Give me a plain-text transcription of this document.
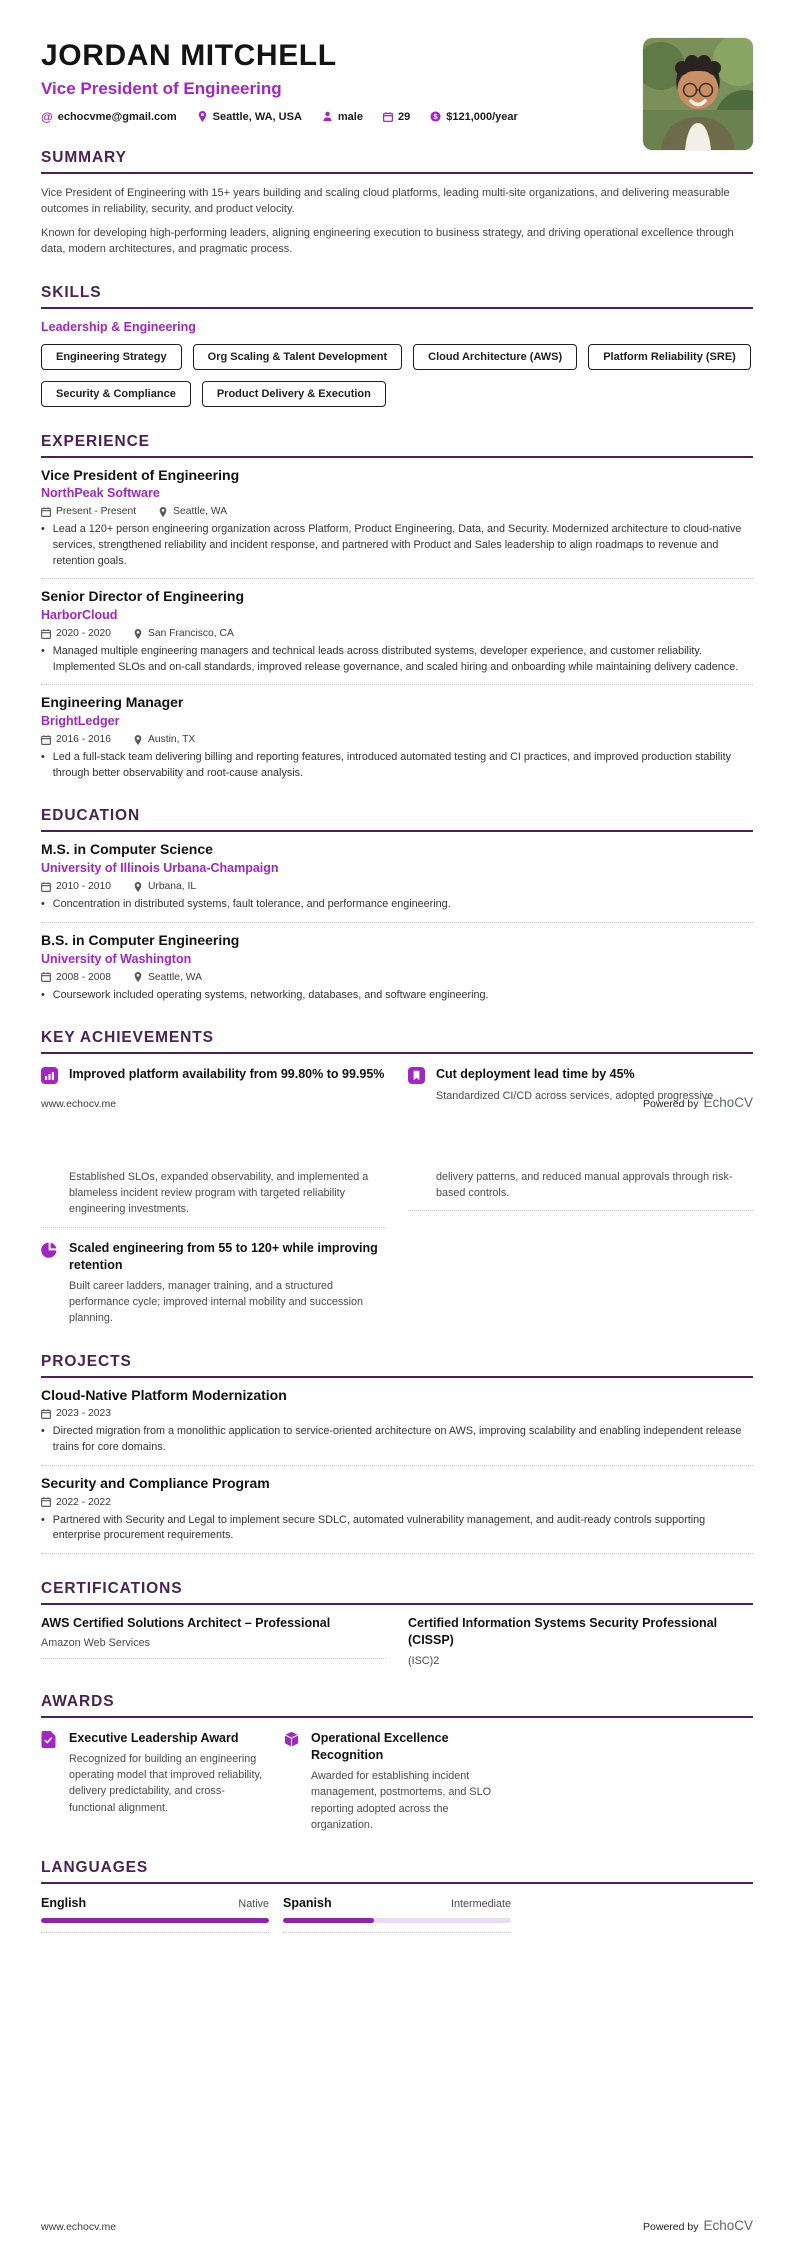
JORDAN MITCHELL
Vice President of Engineering
@ echocvme@gmail.com	Seattle, WA, USA	male	29	$ $121,000/year
SUMMARY

Vice President of Engineering with 15+ years building and scaling cloud platforms, leading multi-site organizations, and delivering measurable outcomes in reliability, security, and product velocity.

Known for developing high-performing leaders, aligning engineering execution to business strategy, and driving operational excellence through data, modern architectures, and pragmatic process.

SKILLS
Leadership & Engineering
Engineering Strategy	Org Scaling & Talent Development	Cloud Architecture (AWS)	Platform Reliability (SRE)
Security & Compliance	Product Delivery & Execution
EXPERIENCE
Vice President of Engineering
NorthPeak Software
Present - Present	Seattle, WA
• Lead a 120+ person engineering organization across Platform, Product Engineering, Data, and Security. Modernized architecture to cloud-native services, strengthened reliability and incident response, and partnered with Product and Sales leadership to align roadmaps to revenue and retention goals.
Senior Director of Engineering
HarborCloud
2020 - 2020	San Francisco, CA
• Managed multiple engineering managers and technical leads across distributed systems, developer experience, and customer reliability. Implemented SLOs and on-call standards, improved release governance, and scaled hiring and onboarding while maintaining delivery cadence.
Engineering Manager
BrightLedger
2016 - 2016	Austin, TX
• Led a full-stack team delivering billing and reporting features, introduced automated testing and CI practices, and improved production stability through better observability and root-cause analysis.
EDUCATION
M.S. in Computer Science
University of Illinois Urbana-Champaign
2010 - 2010	Urbana, IL
• Concentration in distributed systems, fault tolerance, and performance engineering.
B.S. in Computer Engineering
University of Washington
2008 - 2008	Seattle, WA
• Coursework included operating systems, networking, databases, and software engineering.
KEY ACHIEVEMENTS
Improved platform availability from 99.80% to 99.95%	Cut deployment lead time by 45%
Standardized CI/CD across services, adopted progressive
www.echocv.me	Powered by EchoCV
Established SLOs, expanded observability, and implemented a blameless incident review program with targeted reliability engineering investments.
Scaled engineering from 55 to 120+ while improving retention
Built career ladders, manager training, and a structured performance cycle; improved internal mobility and succession planning.
delivery patterns, and reduced manual approvals through risk-based controls.
PROJECTS
Cloud-Native Platform Modernization
2023 - 2023
• Directed migration from a monolithic application to service-oriented architecture on AWS, improving scalability and enabling independent release trains for core domains.
Security and Compliance Program
2022 - 2022
• Partnered with Security and Legal to implement secure SDLC, automated vulnerability management, and audit-ready controls supporting enterprise procurement requirements.
CERTIFICATIONS
AWS Certified Solutions Architect – Professional
Amazon Web Services
Certified Information Systems Security Professional (CISSP)
(ISC)2
AWARDS
Executive Leadership Award
Recognized for building an engineering operating model that improved reliability, delivery predictability, and cross-functional alignment.
Operational Excellence Recognition
Awarded for establishing incident management, postmortems, and SLO reporting adopted across the organization.
LANGUAGES
English	Native Spanish	Intermediate
www.echocv.me	Powered by EchoCV
